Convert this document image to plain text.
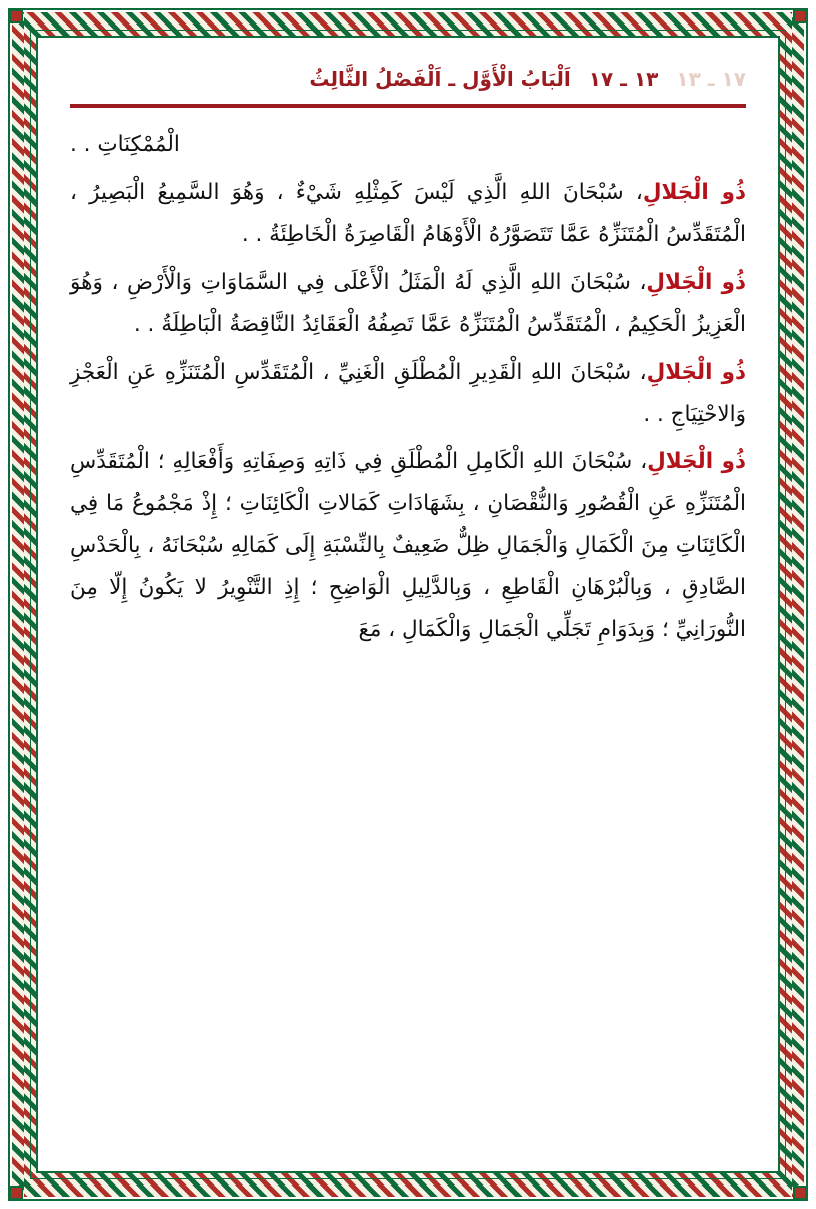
١٧ ـ ١٣
١٣ ـ ١٧
اَلْبَابُ الْأَوَّل ـ اَلْفَصْلُ الثَّالِثُ

الْمُمْكِنَاتِ . .

ذُو الْجَلالِ، سُبْحَانَ اللهِ الَّذِي لَيْسَ كَمِثْلِهِ شَيْءٌ ، وَهُوَ السَّمِيعُ الْبَصِيرُ ، الْمُتَقَدِّسُ الْمُتَنَزِّهُ عَمَّا تَتَصَوَّرُهُ الْأَوْهَامُ الْقَاصِرَةُ الْخَاطِئَةُ . .

ذُو الْجَلالِ، سُبْحَانَ اللهِ الَّذِي لَهُ الْمَثَلُ الْأَعْلَى فِي السَّمَاوَاتِ وَالْأَرْضِ ، وَهُوَ الْعَزِيزُ الْحَكِيمُ ، الْمُتَقَدِّسُ الْمُتَنَزِّهُ عَمَّا تَصِفُهُ الْعَقَائِدُ النَّاقِصَةُ الْبَاطِلَةُ . .

ذُو الْجَلالِ، سُبْحَانَ اللهِ الْقَدِيرِ الْمُطْلَقِ الْغَنِيِّ ، الْمُتَقَدِّسِ الْمُتَنَزِّهِ عَنِ الْعَجْزِ وَالاحْتِيَاجِ . .

ذُو الْجَلالِ، سُبْحَانَ اللهِ الْكَامِلِ الْمُطْلَقِ فِي ذَاتِهِ وَصِفَاتِهِ وَأَفْعَالِهِ ؛ الْمُتَقَدِّسِ الْمُتَنَزِّهِ عَنِ الْقُصُورِ وَالنُّقْصَانِ ، بِشَهَادَاتِ كَمَالاتِ الْكَائِنَاتِ ؛ إِذْ مَجْمُوعُ مَا فِي الْكَائِنَاتِ مِنَ الْكَمَالِ وَالْجَمَالِ ظِلٌّ ضَعِيفٌ بِالنِّسْبَةِ إِلَى كَمَالِهِ سُبْحَانَهُ ، بِالْحَدْسِ الصَّادِقِ ، وَبِالْبُرْهَانِ الْقَاطِعِ ، وَبِالدَّلِيلِ الْوَاضِحِ ؛ إِذِ التَّنْوِيرُ لا يَكُونُ إِلّا مِنَ النُّورَانِيِّ ؛ وَبِدَوَامِ تَجَلِّي الْجَمَالِ وَالْكَمَالِ ، مَعَ
